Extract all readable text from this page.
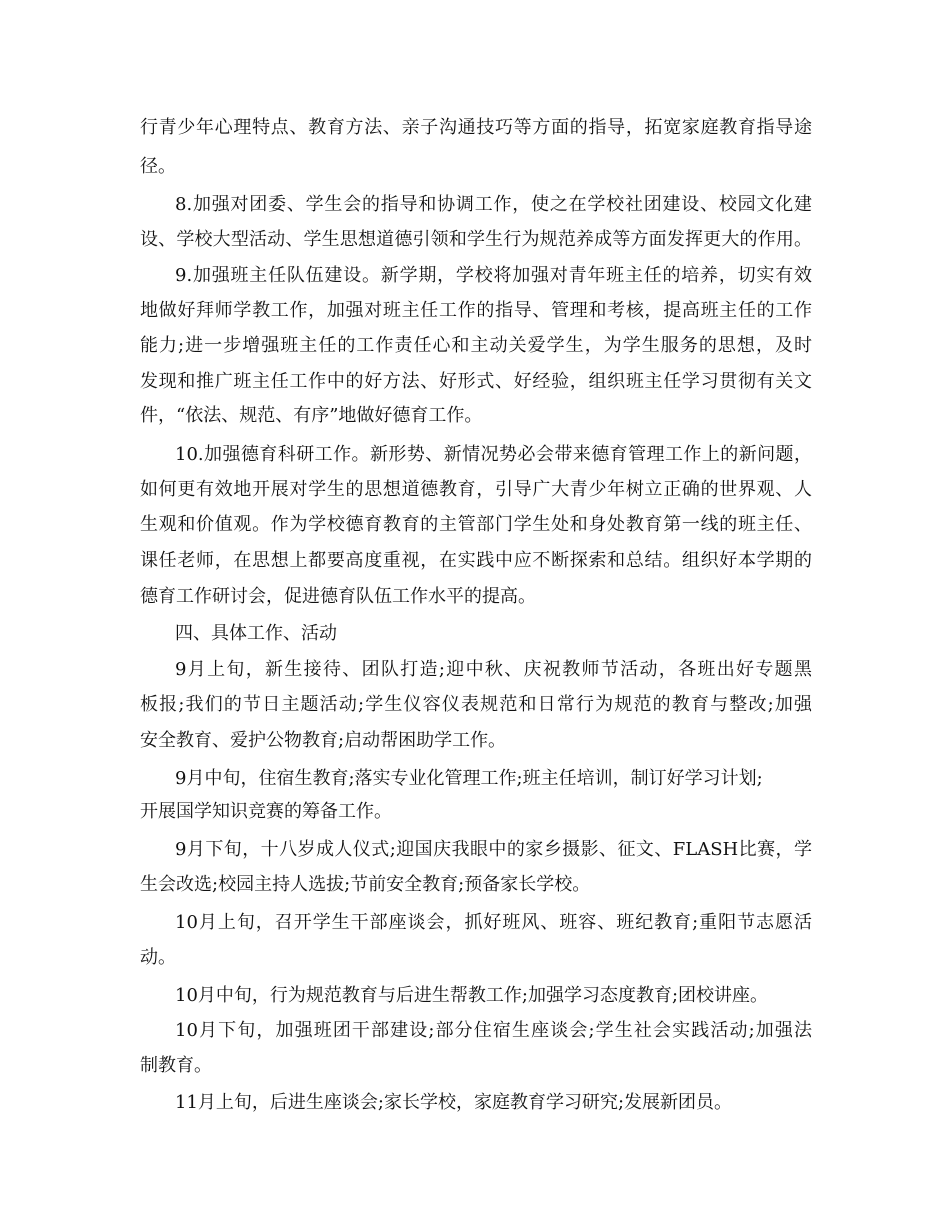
行青少年心理特点、教育方法、亲子沟通技巧等方面的指导，拓宽家庭教育指导途
径。
8.加强对团委、学生会的指导和协调工作，使之在学校社团建设、校园文化建
设、学校大型活动、学生思想道德引领和学生行为规范养成等方面发挥更大的作用。
9.加强班主任队伍建设。新学期，学校将加强对青年班主任的培养，切实有效
地做好拜师学教工作，加强对班主任工作的指导、管理和考核，提高班主任的工作
能力;进一步增强班主任的工作责任心和主动关爱学生，为学生服务的思想，及时
发现和推广班主任工作中的好方法、好形式、好经验，组织班主任学习贯彻有关文
件，“依法、规范、有序”地做好德育工作。
10.加强德育科研工作。新形势、新情况势必会带来德育管理工作上的新问题，
如何更有效地开展对学生的思想道德教育，引导广大青少年树立正确的世界观、人
生观和价值观。作为学校德育教育的主管部门学生处和身处教育第一线的班主任、
课任老师，在思想上都要高度重视，在实践中应不断探索和总结。组织好本学期的
德育工作研讨会，促进德育队伍工作水平的提高。
四、具体工作、活动
9月上旬，新生接待、团队打造;迎中秋、庆祝教师节活动，各班出好专题黑
板报;我们的节日主题活动;学生仪容仪表规范和日常行为规范的教育与整改;加强
安全教育、爱护公物教育;启动帮困助学工作。
9月中旬，住宿生教育;落实专业化管理工作;班主任培训，制订好学习计划;
开展国学知识竞赛的筹备工作。
9月下旬，十八岁成人仪式;迎国庆我眼中的家乡摄影、征文、FLASH比赛，学
生会改选;校园主持人选拔;节前安全教育;预备家长学校。
10月上旬，召开学生干部座谈会，抓好班风、班容、班纪教育;重阳节志愿活
动。
10月中旬，行为规范教育与后进生帮教工作;加强学习态度教育;团校讲座。
10月下旬，加强班团干部建设;部分住宿生座谈会;学生社会实践活动;加强法
制教育。
11月上旬，后进生座谈会;家长学校，家庭教育学习研究;发展新团员。
